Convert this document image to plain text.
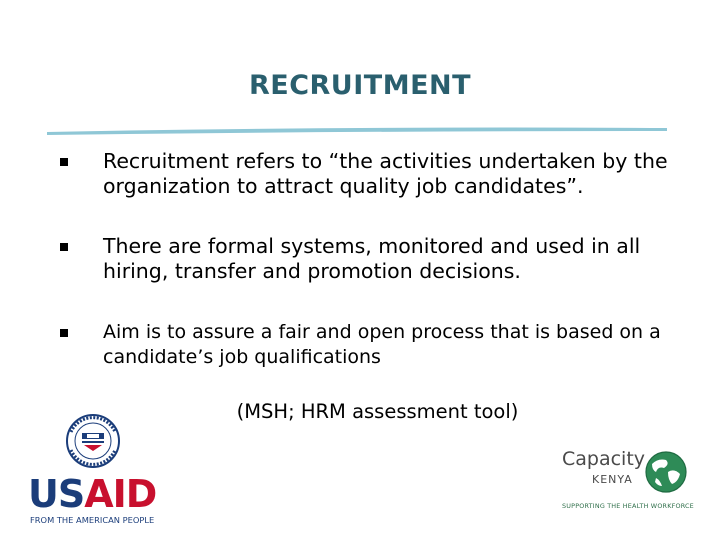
RECRUITMENT
Recruitment refers to “the activities undertaken by the organization to attract quality job candidates”.
There are formal systems, monitored and used in all hiring, transfer and promotion decisions.
Aim is to assure a fair and open process that is based on a candidate’s job qualifications
(MSH; HRM assessment tool)
USAID
FROM THE AMERICAN PEOPLE
Capacity
KENYA
SUPPORTING THE HEALTH WORKFORCE
